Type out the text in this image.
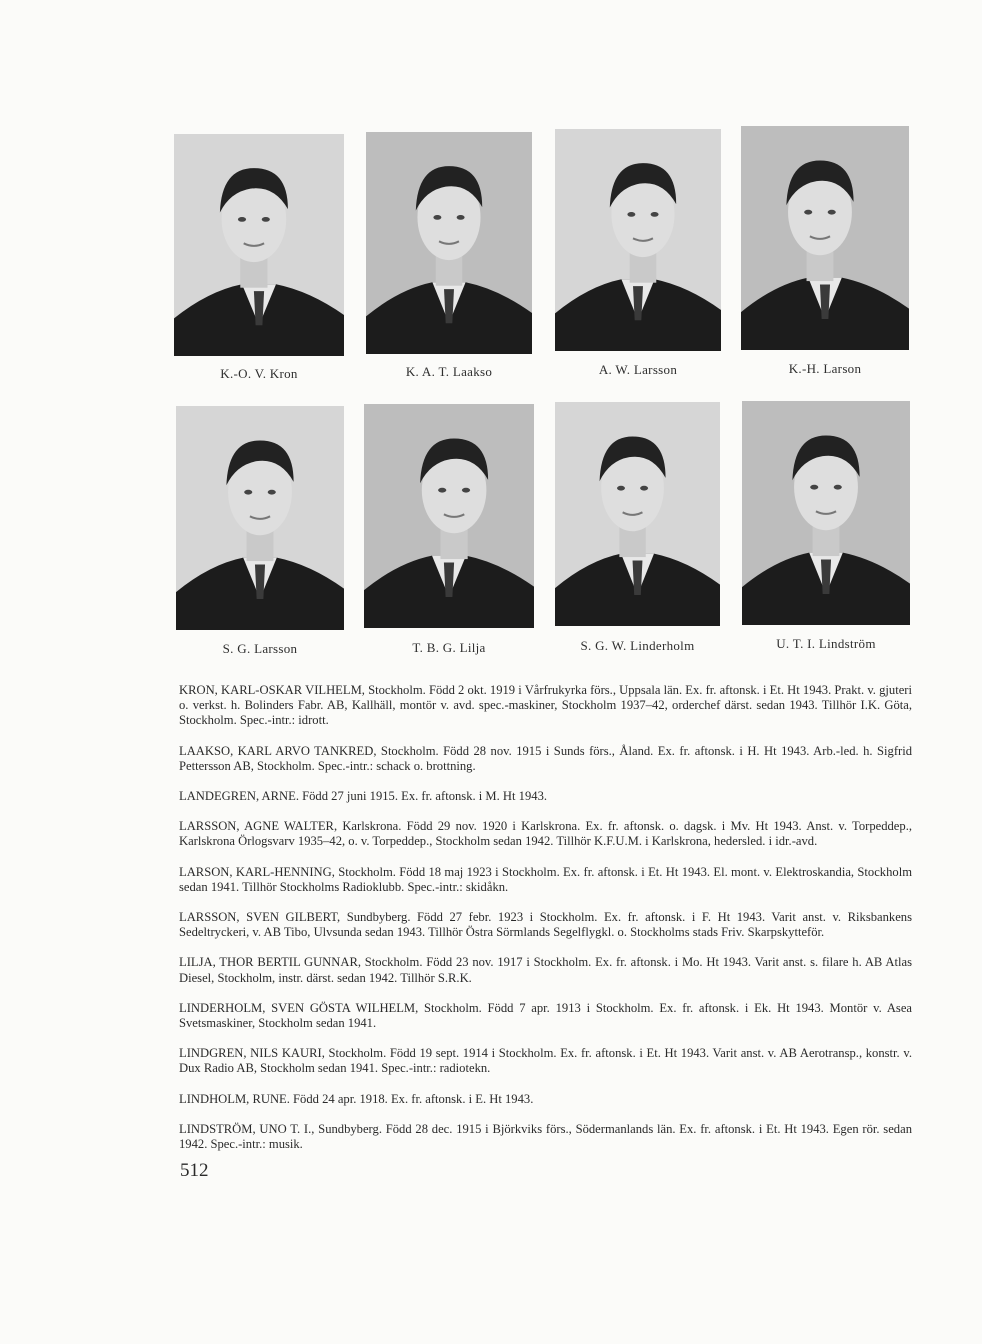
K.-O. V. Kron	K. A. T. Laakso	A. W. Larsson	K.-H. Larson
S. G. Larsson	T. B. G. Lilja	S. G. W. Linderholm	U. T. I. Lindström

KRON, KARL-OSKAR VILHELM, Stockholm. Född 2 okt. 1919 i Vårfrukyrka förs., Uppsala län. Ex. fr. aftonsk. i Et. Ht 1943. Prakt. v. gjuteri o. verkst. h. Bolinders Fabr. AB, Kallhäll, montör v. avd. spec.-maskiner, Stockholm 1937–42, orderchef därst. sedan 1943. Tillhör I.K. Göta, Stockholm. Spec.-intr.: idrott.

LAAKSO, KARL ARVO TANKRED, Stockholm. Född 28 nov. 1915 i Sunds förs., Åland. Ex. fr. aftonsk. i H. Ht 1943. Arb.-led. h. Sigfrid Pettersson AB, Stockholm. Spec.-intr.: schack o. brottning.

LANDEGREN, ARNE. Född 27 juni 1915. Ex. fr. aftonsk. i M. Ht 1943.

LARSSON, AGNE WALTER, Karlskrona. Född 29 nov. 1920 i Karlskrona. Ex. fr. aftonsk. o. dagsk. i Mv. Ht 1943. Anst. v. Torpeddep., Karlskrona Örlogsvarv 1935–42, o. v. Torpeddep., Stockholm sedan 1942. Tillhör K.F.U.M. i Karlskrona, hedersled. i idr.-avd.

LARSON, KARL-HENNING, Stockholm. Född 18 maj 1923 i Stockholm. Ex. fr. aftonsk. i Et. Ht 1943. El. mont. v. Elektroskandia, Stockholm sedan 1941. Tillhör Stockholms Radioklubb. Spec.-intr.: skidåkn.

LARSSON, SVEN GILBERT, Sundbyberg. Född 27 febr. 1923 i Stockholm. Ex. fr. aftonsk. i F. Ht 1943. Varit anst. v. Riksbankens Sedeltryckeri, v. AB Tibo, Ulvsunda sedan 1943. Tillhör Östra Sörmlands Segelflygkl. o. Stockholms stads Friv. Skarpskytteför.

LILJA, THOR BERTIL GUNNAR, Stockholm. Född 23 nov. 1917 i Stockholm. Ex. fr. aftonsk. i Mo. Ht 1943. Varit anst. s. filare h. AB Atlas Diesel, Stockholm, instr. därst. sedan 1942. Tillhör S.R.K.

LINDERHOLM, SVEN GÖSTA WILHELM, Stockholm. Född 7 apr. 1913 i Stockholm. Ex. fr. aftonsk. i Ek. Ht 1943. Montör v. Asea Svetsmaskiner, Stockholm sedan 1941.

LINDGREN, NILS KAURI, Stockholm. Född 19 sept. 1914 i Stockholm. Ex. fr. aftonsk. i Et. Ht 1943. Varit anst. v. AB Aerotransp., konstr. v. Dux Radio AB, Stockholm sedan 1941. Spec.-intr.: radiotekn.

LINDHOLM, RUNE. Född 24 apr. 1918. Ex. fr. aftonsk. i E. Ht 1943.

LINDSTRÖM, UNO T. I., Sundbyberg. Född 28 dec. 1915 i Björkviks förs., Södermanlands län. Ex. fr. aftonsk. i Et. Ht 1943. Egen rör. sedan 1942. Spec.-intr.: musik.

512
